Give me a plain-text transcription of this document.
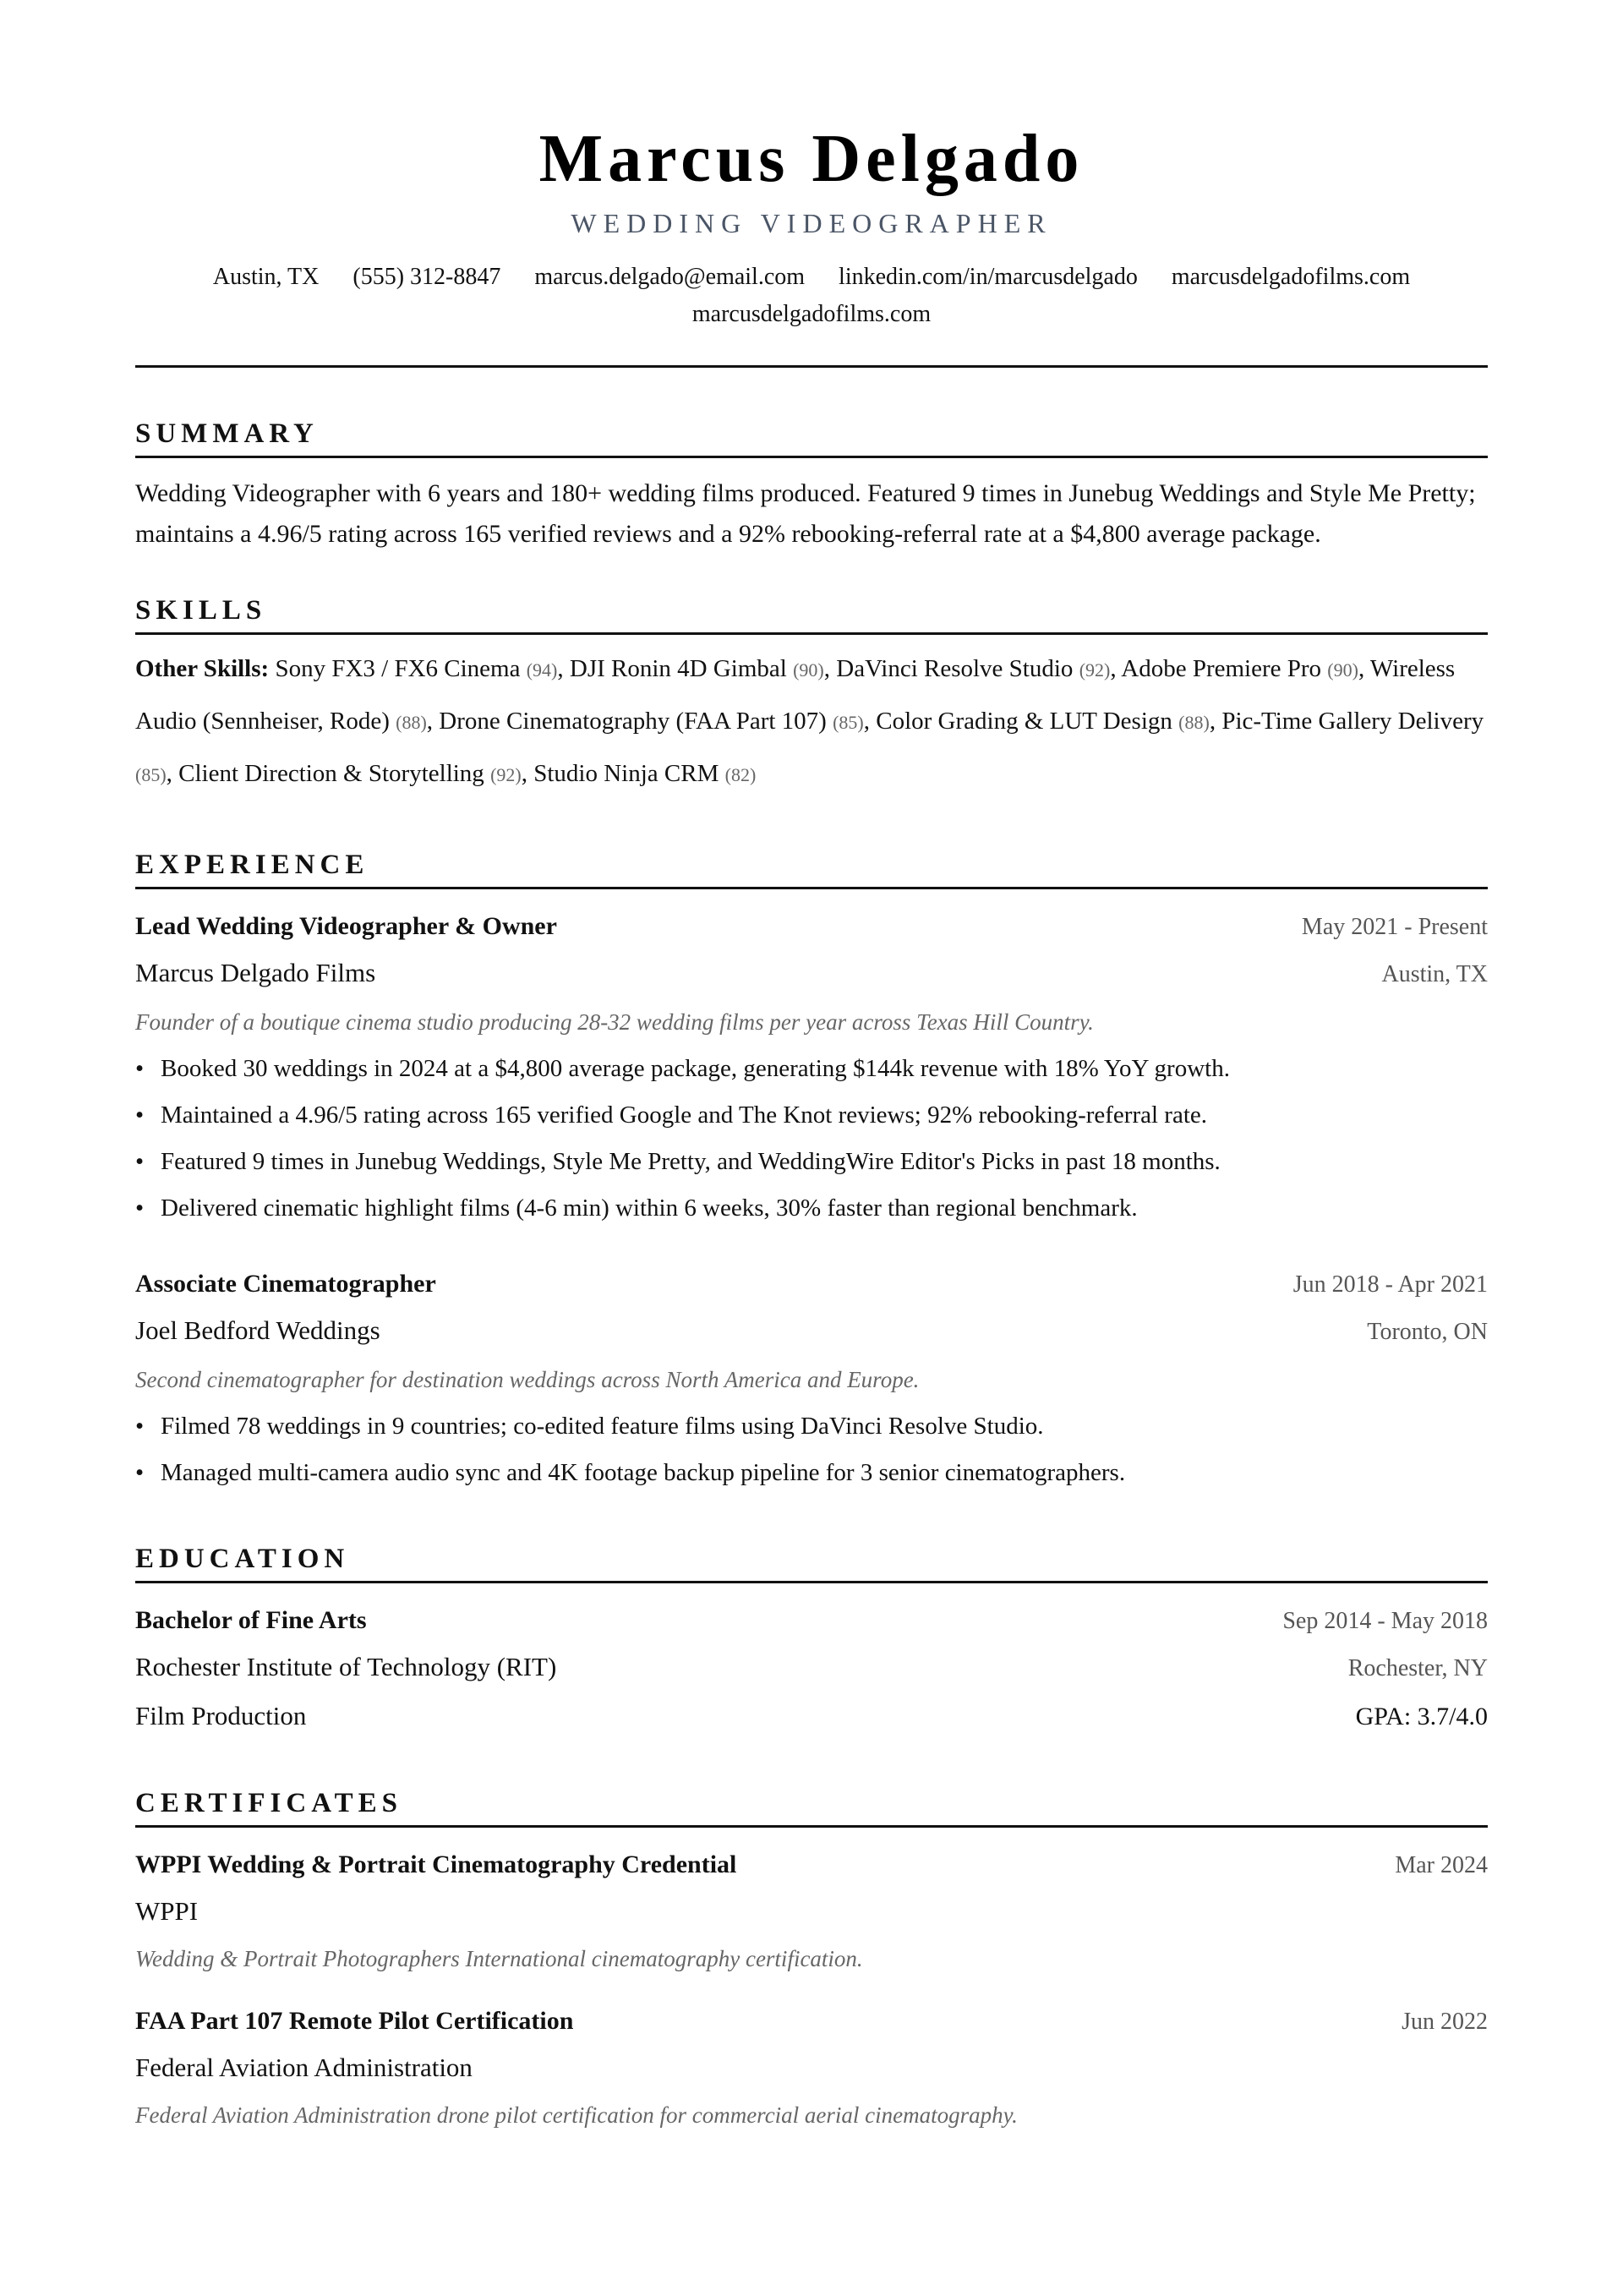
Marcus Delgado
WEDDING VIDEOGRAPHER
Austin, TX (555) 312-8847 marcus.delgado@email.com linkedin.com/in/marcusdelgado marcusdelgadofilms.com
marcusdelgadofilms.com
SUMMARY
Wedding Videographer with 6 years and 180+ wedding films produced. Featured 9 times in Junebug Weddings and Style Me Pretty; maintains a 4.96/5 rating across 165 verified reviews and a 92% rebooking-referral rate at a $4,800 average package.
SKILLS
Other Skills: Sony FX3 / FX6 Cinema (94), DJI Ronin 4D Gimbal (90), DaVinci Resolve Studio (92), Adobe Premiere Pro (90), Wireless Audio (Sennheiser, Rode) (88), Drone Cinematography (FAA Part 107) (85), Color Grading & LUT Design (88), Pic-Time Gallery Delivery (85), Client Direction & Storytelling (92), Studio Ninja CRM (82)
EXPERIENCE
Lead Wedding Videographer & Owner	May 2021 - Present
Marcus Delgado Films	Austin, TX
Founder of a boutique cinema studio producing 28-32 wedding films per year across Texas Hill Country.
• Booked 30 weddings in 2024 at a $4,800 average package, generating $144k revenue with 18% YoY growth.
• Maintained a 4.96/5 rating across 165 verified Google and The Knot reviews; 92% rebooking-referral rate.
• Featured 9 times in Junebug Weddings, Style Me Pretty, and WeddingWire Editor's Picks in past 18 months.
• Delivered cinematic highlight films (4-6 min) within 6 weeks, 30% faster than regional benchmark.
Associate Cinematographer	Jun 2018 - Apr 2021
Joel Bedford Weddings	Toronto, ON
Second cinematographer for destination weddings across North America and Europe.
• Filmed 78 weddings in 9 countries; co-edited feature films using DaVinci Resolve Studio.
• Managed multi-camera audio sync and 4K footage backup pipeline for 3 senior cinematographers.
EDUCATION
Bachelor of Fine Arts	Sep 2014 - May 2018
Rochester Institute of Technology (RIT)	Rochester, NY
Film Production	GPA: 3.7/4.0
CERTIFICATES
WPPI Wedding & Portrait Cinematography Credential	Mar 2024
WPPI
Wedding & Portrait Photographers International cinematography certification.
FAA Part 107 Remote Pilot Certification	Jun 2022
Federal Aviation Administration
Federal Aviation Administration drone pilot certification for commercial aerial cinematography.
